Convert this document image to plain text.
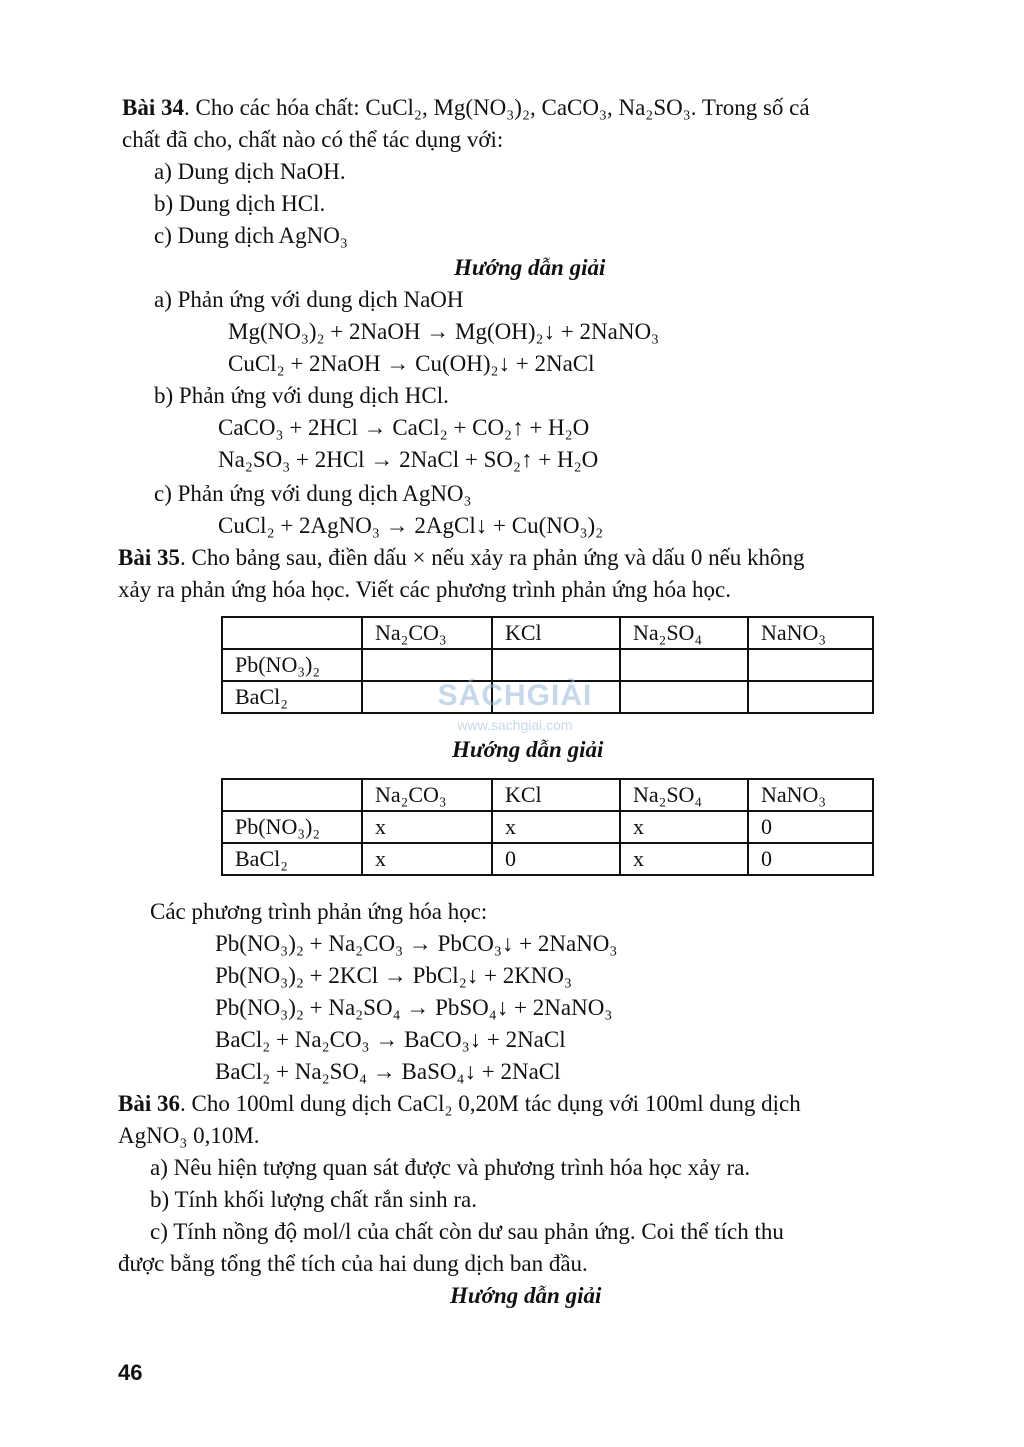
Bài 34. Cho các hóa chất: CuCl₂, Mg(NO₃)₂, CaCO₃, Na₂SO₃. Trong số cá
chất đã cho, chất nào có thể tác dụng với:
a) Dung dịch NaOH.
b) Dung dịch HCl.
c) Dung dịch AgNO₃
Hướng dẫn giải
a) Phản ứng với dung dịch NaOH
Mg(NO₃)₂ + 2NaOH → Mg(OH)₂↓ + 2NaNO₃
CuCl₂ + 2NaOH → Cu(OH)₂↓ + 2NaCl
b) Phản ứng với dung dịch HCl.
CaCO₃ + 2HCl → CaCl₂ + CO₂↑ + H₂O
Na₂SO₃ + 2HCl → 2NaCl + SO₂↑ + H₂O
c) Phản ứng với dung dịch AgNO₃
CuCl₂ + 2AgNO₃ → 2AgCl↓ + Cu(NO₃)₂
Bài 35. Cho bảng sau, điền dấu × nếu xảy ra phản ứng và dấu 0 nếu không
xảy ra phản ứng hóa học. Viết các phương trình phản ứng hóa học.
	Na₂CO₃	KCl	Na₂SO₄	NaNO₃
Pb(NO₃)₂				
BaCl₂					SÁCHGIẢI
www.sachgiai.com
Hướng dẫn giải
	Na₂CO₃	KCl	Na₂SO₄	NaNO₃
Pb(NO₃)₂	x	x	x	0
BaCl₂	x	0	x	0
Các phương trình phản ứng hóa học:
Pb(NO₃)₂ + Na₂CO₃ → PbCO₃↓ + 2NaNO₃
Pb(NO₃)₂ + 2KCl → PbCl₂↓ + 2KNO₃
Pb(NO₃)₂ + Na₂SO₄ → PbSO₄↓ + 2NaNO₃
BaCl₂ + Na₂CO₃ → BaCO₃↓ + 2NaCl
BaCl₂ + Na₂SO₄ → BaSO₄↓ + 2NaCl
Bài 36. Cho 100ml dung dịch CaCl₂ 0,20M tác dụng với 100ml dung dịch
AgNO₃ 0,10M.
a) Nêu hiện tượng quan sát được và phương trình hóa học xảy ra.
b) Tính khối lượng chất rắn sinh ra.
c) Tính nồng độ mol/l của chất còn dư sau phản ứng. Coi thể tích thu
được bằng tổng thể tích của hai dung dịch ban đầu.
Hướng dẫn giải
46
